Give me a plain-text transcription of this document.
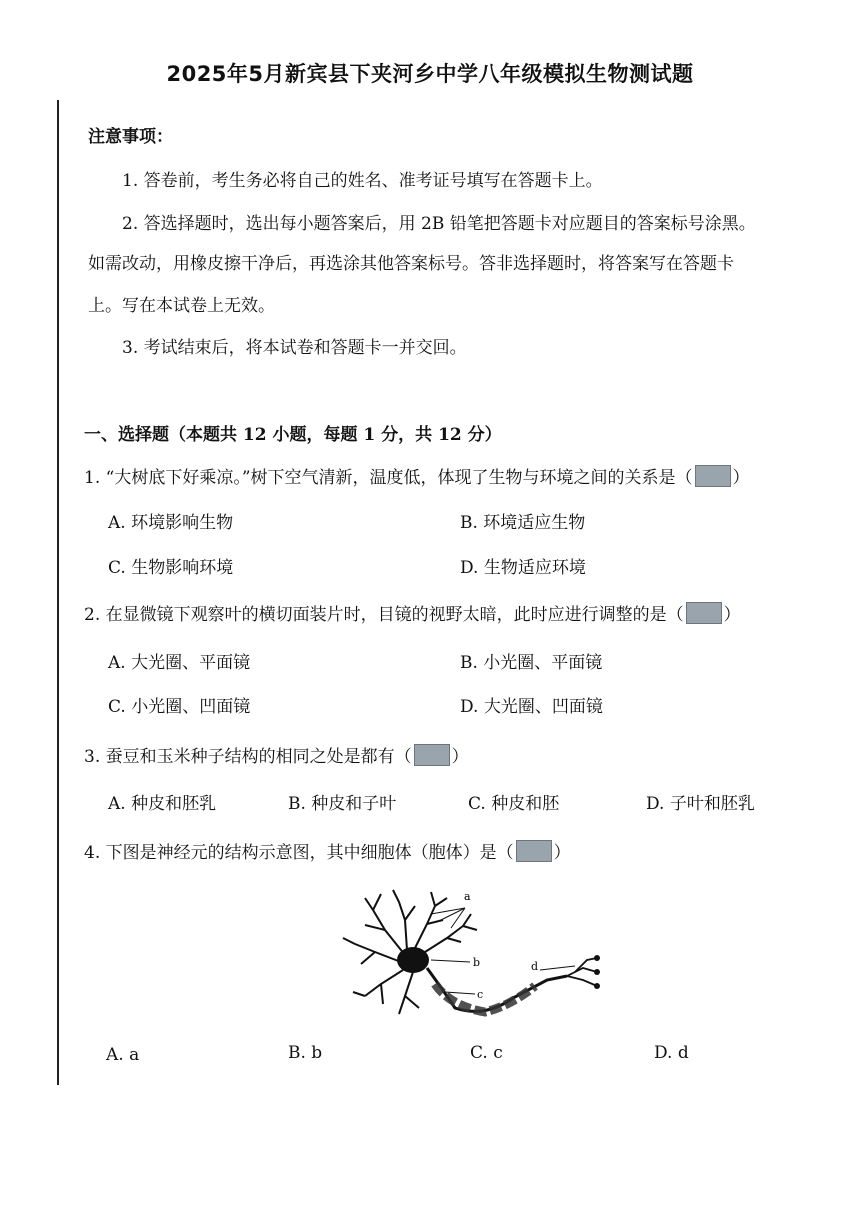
2025年5月新宾县下夹河乡中学八年级模拟生物测试题
注意事项：
1. 答卷前，考生务必将自己的姓名、准考证号填写在答题卡上。
2. 答选择题时，选出每小题答案后，用 2B 铅笔把答题卡对应题目的答案标号涂黑。
如需改动，用橡皮擦干净后，再选涂其他答案标号。答非选择题时，将答案写在答题卡
上。写在本试卷上无效。
3. 考试结束后，将本试卷和答题卡一并交回。
一、选择题（本题共 12 小题，每题 1 分，共 12 分）
1. “大树底下好乘凉。”树下空气清新，温度低，体现了生物与环境之间的关系是（ ）
A. 环境影响生物	B. 环境适应生物
C. 生物影响环境	D. 生物适应环境
2. 在显微镜下观察叶的横切面装片时，目镜的视野太暗，此时应进行调整的是（ ）
A. 大光圈、平面镜	B. 小光圈、平面镜
C. 小光圈、凹面镜	D. 大光圈、凹面镜
3. 蚕豆和玉米种子结构的相同之处是都有（ ）
A. 种皮和胚乳	B. 种皮和子叶	C. 种皮和胚	D. 子叶和胚乳
4. 下图是神经元的结构示意图，其中细胞体（胞体）是（ ）
a
b
c
d
A. a	B. b	C. c	D. d
